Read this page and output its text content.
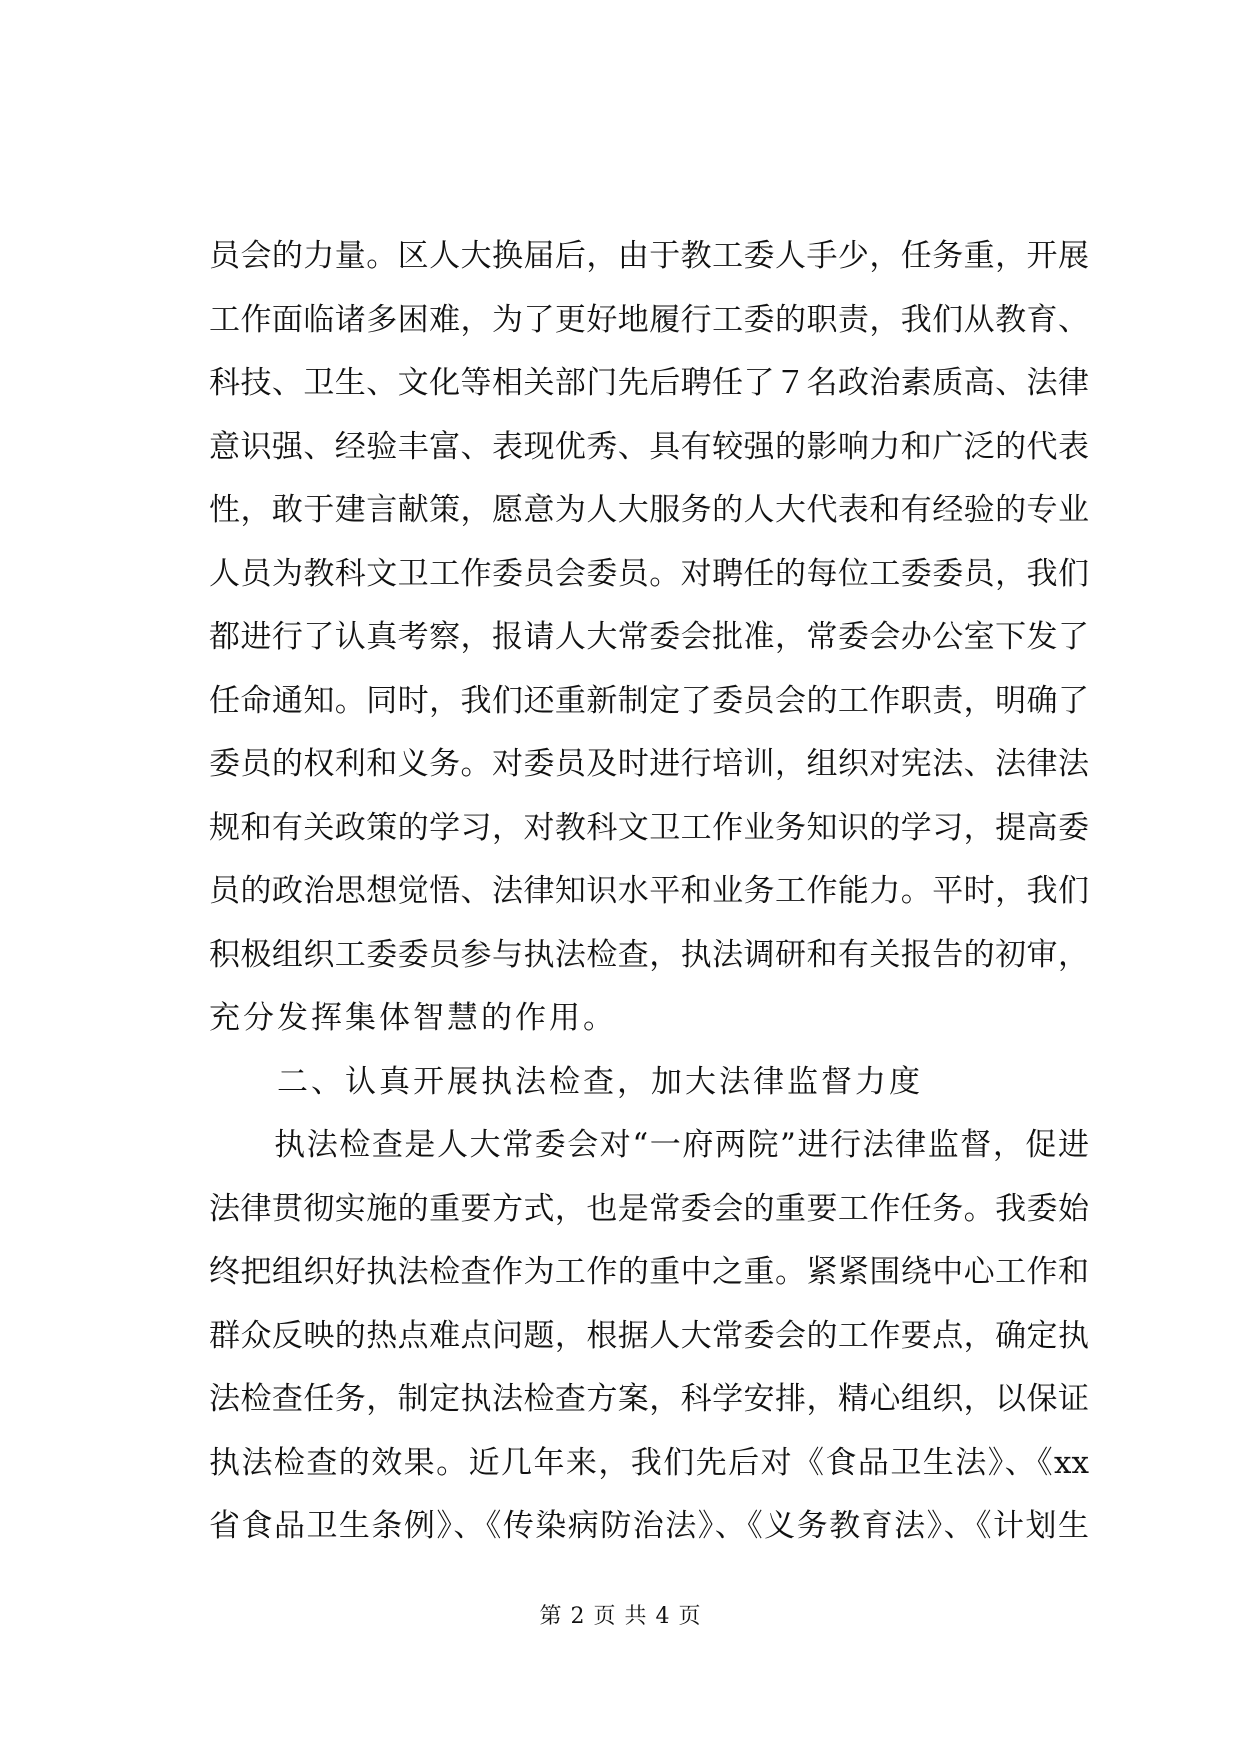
员会的力量。区人大换届后，由于教工委人手少，任务重，开展
工作面临诸多困难，为了更好地履行工委的职责，我们从教育、
科技、卫生、文化等相关部门先后聘任了７名政治素质高、法律
意识强、经验丰富、表现优秀、具有较强的影响力和广泛的代表
性，敢于建言献策，愿意为人大服务的人大代表和有经验的专业
人员为教科文卫工作委员会委员。对聘任的每位工委委员，我们
都进行了认真考察，报请人大常委会批准，常委会办公室下发了
任命通知。同时，我们还重新制定了委员会的工作职责，明确了
委员的权利和义务。对委员及时进行培训，组织对宪法、法律法
规和有关政策的学习，对教科文卫工作业务知识的学习，提高委
员的政治思想觉悟、法律知识水平和业务工作能力。平时，我们
积极组织工委委员参与执法检查，执法调研和有关报告的初审，
充分发挥集体智慧的作用。
　　二、认真开展执法检查，加大法律监督力度
　　执法检查是人大常委会对“一府两院”进行法律监督，促进
法律贯彻实施的重要方式，也是常委会的重要工作任务。我委始
终把组织好执法检查作为工作的重中之重。紧紧围绕中心工作和
群众反映的热点难点问题，根据人大常委会的工作要点，确定执
法检查任务，制定执法检查方案，科学安排，精心组织，以保证
执法检查的效果。近几年来，我们先后对《食品卫生法》、《xx
省食品卫生条例》、《传染病防治法》、《义务教育法》、《计划生
第 2 页 共 4 页
